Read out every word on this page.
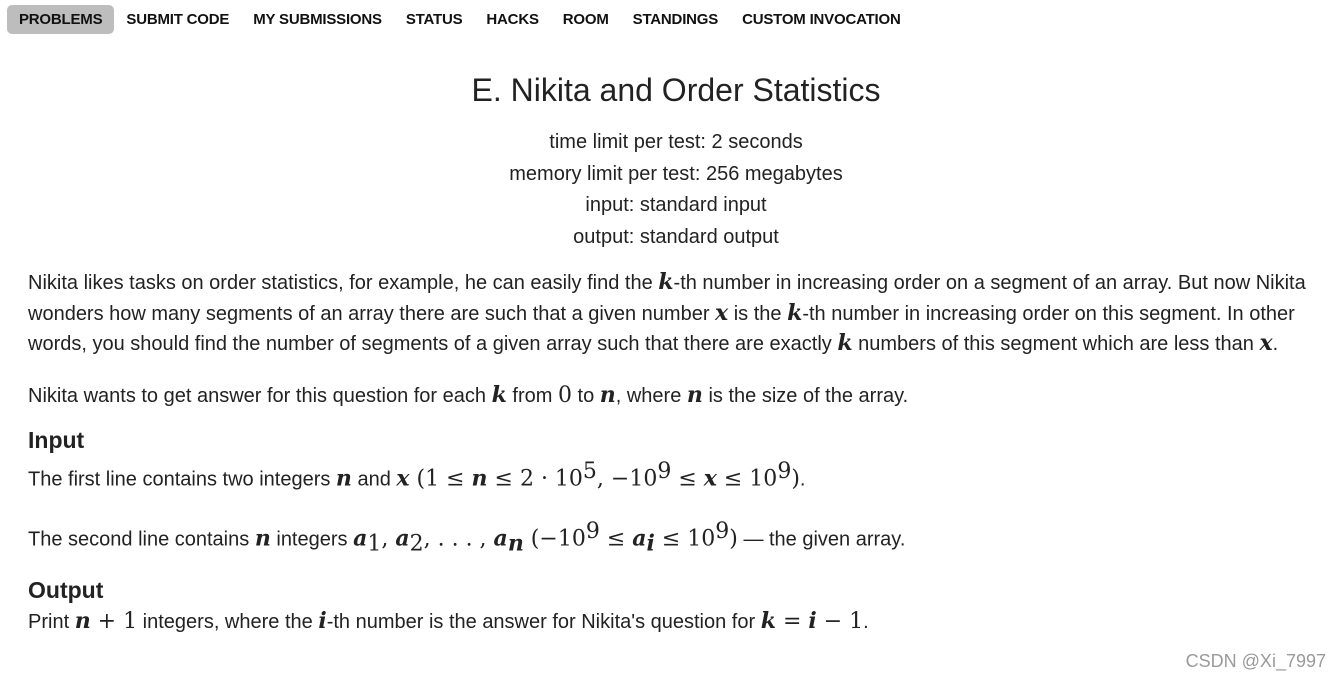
PROBLEMS	SUBMIT CODE	MY SUBMISSIONS	STATUS	HACKS	ROOM	STANDINGS	CUSTOM INVOCATION
E. Nikita and Order Statistics
time limit per test: 2 seconds
memory limit per test: 256 megabytes
input: standard input
output: standard output

Nikita likes tasks on order statistics, for example, he can easily find the k-th number in increasing order on a segment of an array. But now Nikita wonders how many segments of an array there are such that a given number x is the k-th number in increasing order on this segment. In other words, you should find the number of segments of a given array such that there are exactly k numbers of this segment which are less than x.

Nikita wants to get answer for this question for each k from 0 to n, where n is the size of the array.

Input

The first line contains two integers n and x ($1 \le n \le 2 \cdot 10^5$, $-10^9 \le x \le 10^9$).

The second line contains n integers $a_1$, $a_2$, . . . , $a_n$ $(-10^9 \le a_i \le 10^9)$ — the given array.

Output

Print n + 1 integers, where the i-th number is the answer for Nikita's question for k = i − 1.

CSDN @Xi_7997
